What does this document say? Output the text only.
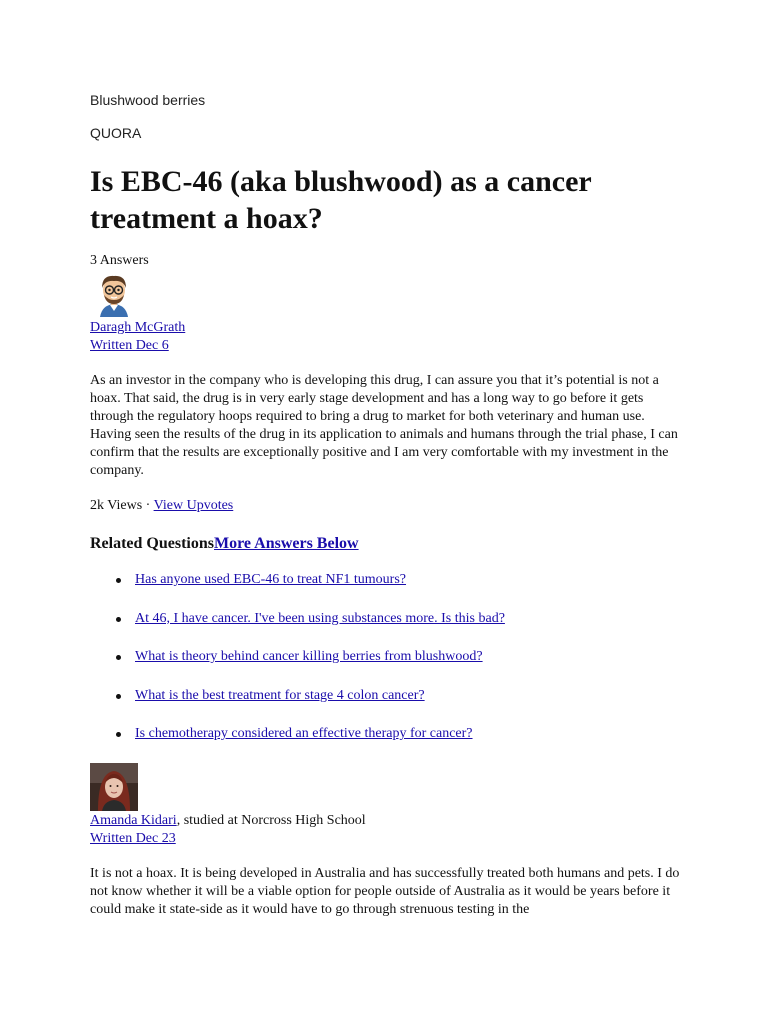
Blushwood berries
QUORA
Is EBC-46 (aka blushwood) as a cancer treatment a hoax?
3 Answers
Daragh McGrath
Written Dec 6

As an investor in the company who is developing this drug, I can assure you that it’s potential is not a hoax. That said, the drug is in very early stage development and has a long way to go before it gets through the regulatory hoops required to bring a drug to market for both veterinary and human use. Having seen the results of the drug in its application to animals and humans through the trial phase, I can confirm that the results are exceptionally positive and I am very comfortable with my investment in the company.

2k Views · View Upvotes
Related QuestionsMore Answers Below
Has anyone used EBC-46 to treat NF1 tumours?
At 46, I have cancer. I've been using substances more. Is this bad?
What is theory behind cancer killing berries from blushwood?
What is the best treatment for stage 4 colon cancer?
Is chemotherapy considered an effective therapy for cancer?
Amanda Kidari, studied at Norcross High School
Written Dec 23

It is not a hoax. It is being developed in Australia and has successfully treated both humans and pets. I do not know whether it will be a viable option for people outside of Australia as it would be years before it could make it state-side as it would have to go through strenuous testing in the
